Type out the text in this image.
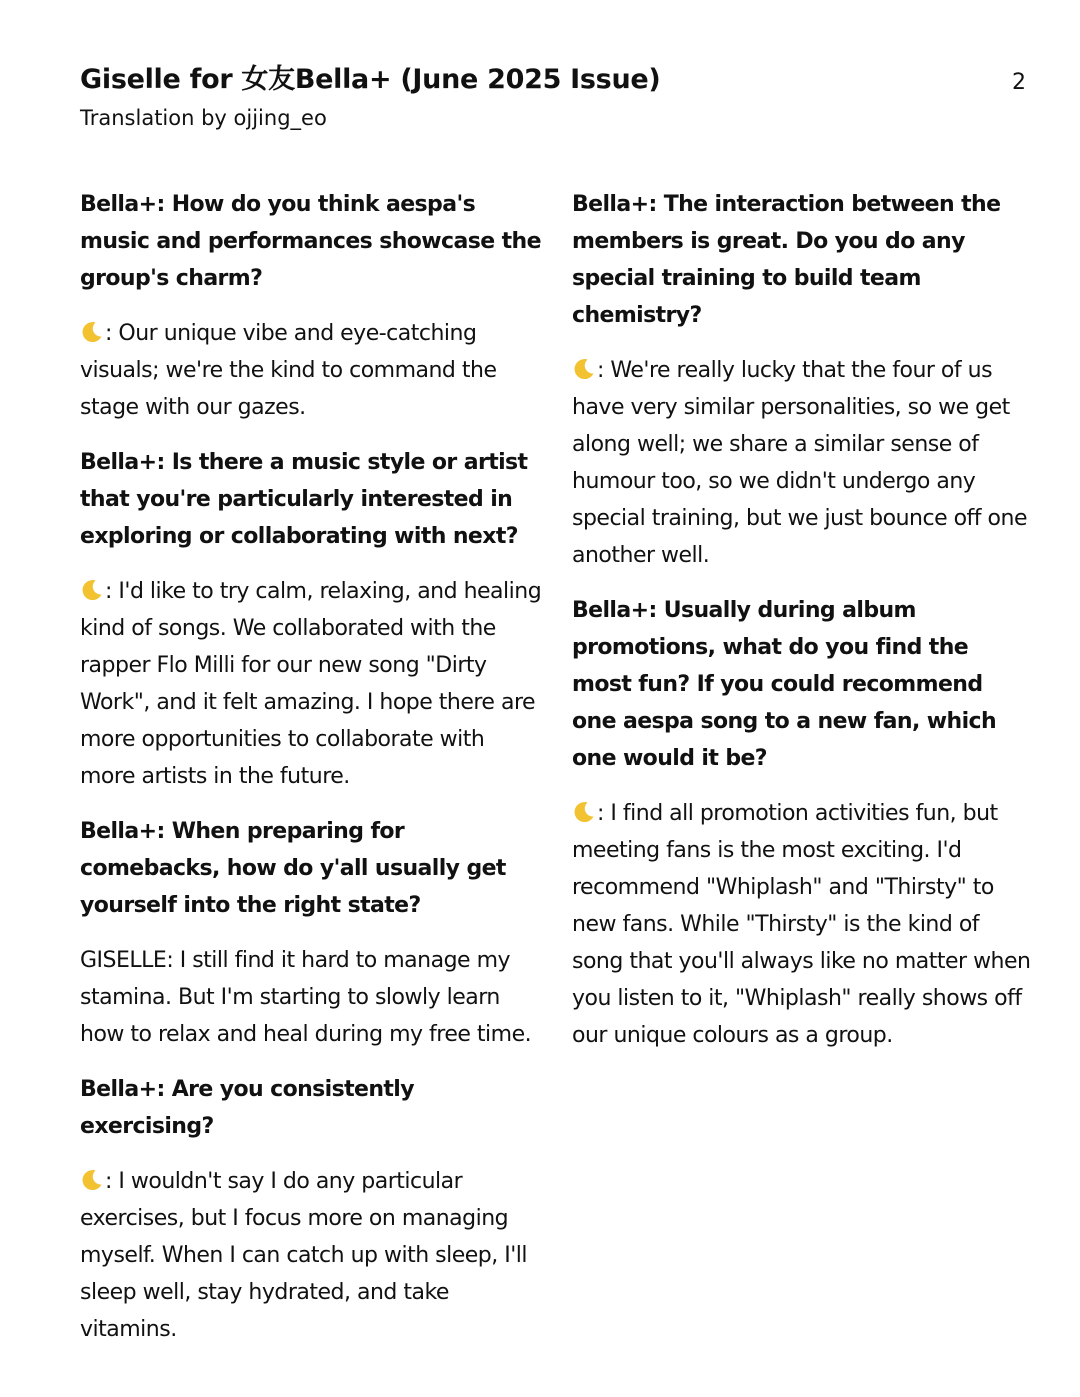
Giselle for 女友Bella+ (June 2025 Issue)
Translation by ojjing_eo
2

Bella+: How do you think aespa's music and performances showcase the group's charm?

: Our unique vibe and eye-catching visuals; we're the kind to command the stage with our gazes.

Bella+: Is there a music style or artist that you're particularly interested in exploring or collaborating with next?

: I'd like to try calm, relaxing, and healing kind of songs. We collaborated with the rapper Flo Milli for our new song "Dirty Work", and it felt amazing. I hope there are more opportunities to collaborate with more artists in the future.

Bella+: When preparing for comebacks, how do y'all usually get yourself into the right state?

GISELLE: I still find it hard to manage my stamina. But I'm starting to slowly learn how to relax and heal during my free time.

Bella+: Are you consistently exercising?

: I wouldn't say I do any particular exercises, but I focus more on managing myself. When I can catch up with sleep, I'll sleep well, stay hydrated, and take vitamins.

Bella+: The interaction between the members is great. Do you do any special training to build team chemistry?

: We're really lucky that the four of us have very similar personalities, so we get along well; we share a similar sense of humour too, so we didn't undergo any special training, but we just bounce off one another well.

Bella+: Usually during album promotions, what do you find the most fun? If you could recommend one aespa song to a new fan, which one would it be?

: I find all promotion activities fun, but meeting fans is the most exciting. I'd recommend "Whiplash" and "Thirsty" to new fans. While "Thirsty" is the kind of song that you'll always like no matter when you listen to it, "Whiplash" really shows off our unique colours as a group.
